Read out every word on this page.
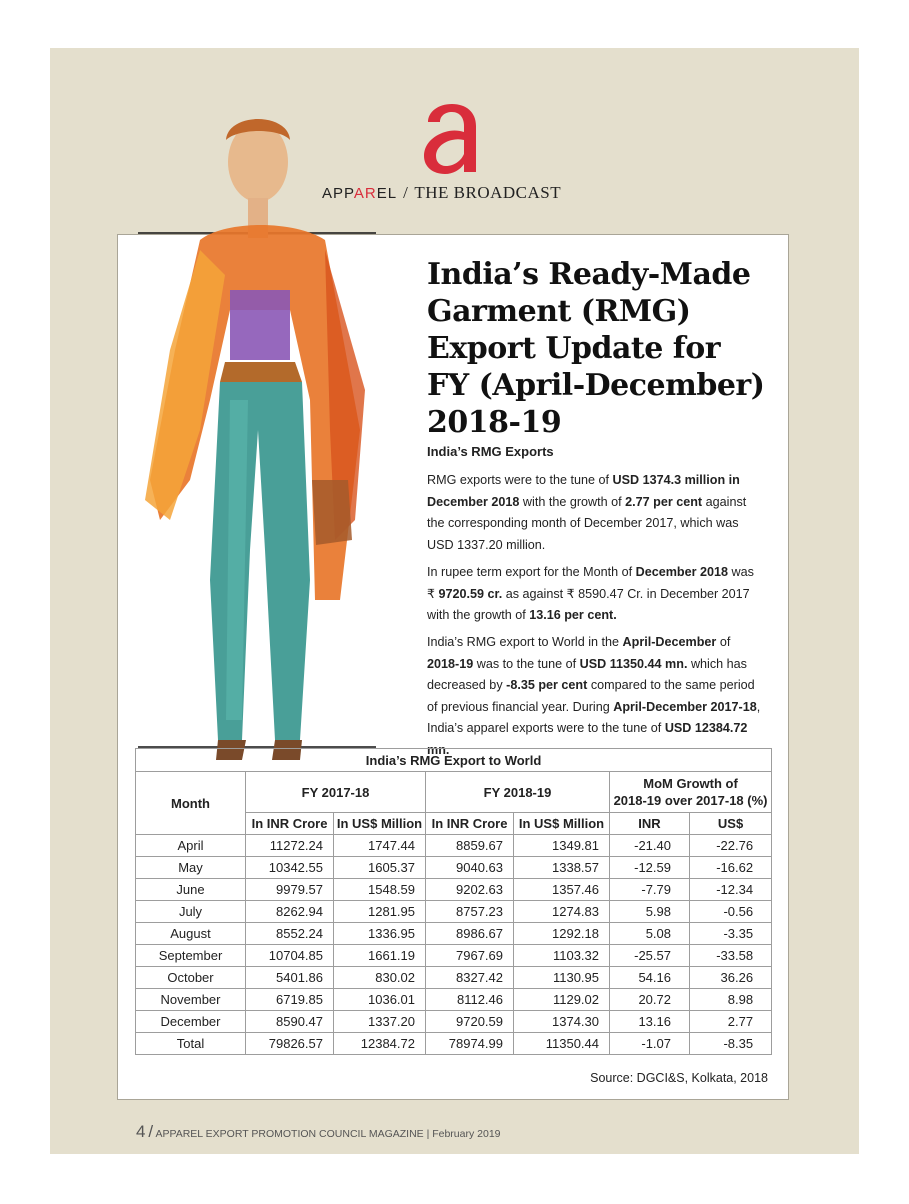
APPAREL / THE BROADCAST
India’s Ready-Made
Garment (RMG)
Export Update for
FY (April-December)
2018-19

India’s RMG Exports

RMG exports were to the tune of USD 1374.3 million in December 2018 with the growth of 2.77 per cent against the corresponding month of December 2017, which was USD 1337.20 million.

In rupee term export for the Month of December 2018 was ₹ 9720.59 cr. as against ₹ 8590.47 Cr. in December 2017 with the growth of 13.16 per cent.

India’s RMG export to World in the April-December of 2018-19 was to the tune of USD 11350.44 mn. which has decreased by -8.35 per cent compared to the same period of previous financial year. During April-December 2017-18, India’s apparel exports were to the tune of USD 12384.72 mn.

India’s RMG Export to World						
Month	FY 2017-18		FY 2018-19		MoM Growth of
2018-19 over 2017-18 (%)	
	In INR Crore	In US$ Million	In INR Crore	In US$ Million	INR	US$
April	11272.24	1747.44	8859.67	1349.81	-21.40	-22.76
May	10342.55	1605.37	9040.63	1338.57	-12.59	-16.62
June	9979.57	1548.59	9202.63	1357.46	-7.79	-12.34
July	8262.94	1281.95	8757.23	1274.83	5.98	-0.56
August	8552.24	1336.95	8986.67	1292.18	5.08	-3.35
September	10704.85	1661.19	7967.69	1103.32	-25.57	-33.58
October	5401.86	830.02	8327.42	1130.95	54.16	36.26
November	6719.85	1036.01	8112.46	1129.02	20.72	8.98
December	8590.47	1337.20	9720.59	1374.30	13.16	2.77
Total	79826.57	12384.72	78974.99	11350.44	-1.07	-8.35
Source: DGCI&S, Kolkata, 2018
4 / APPAREL EXPORT PROMOTION COUNCIL MAGAZINE | February 2019
